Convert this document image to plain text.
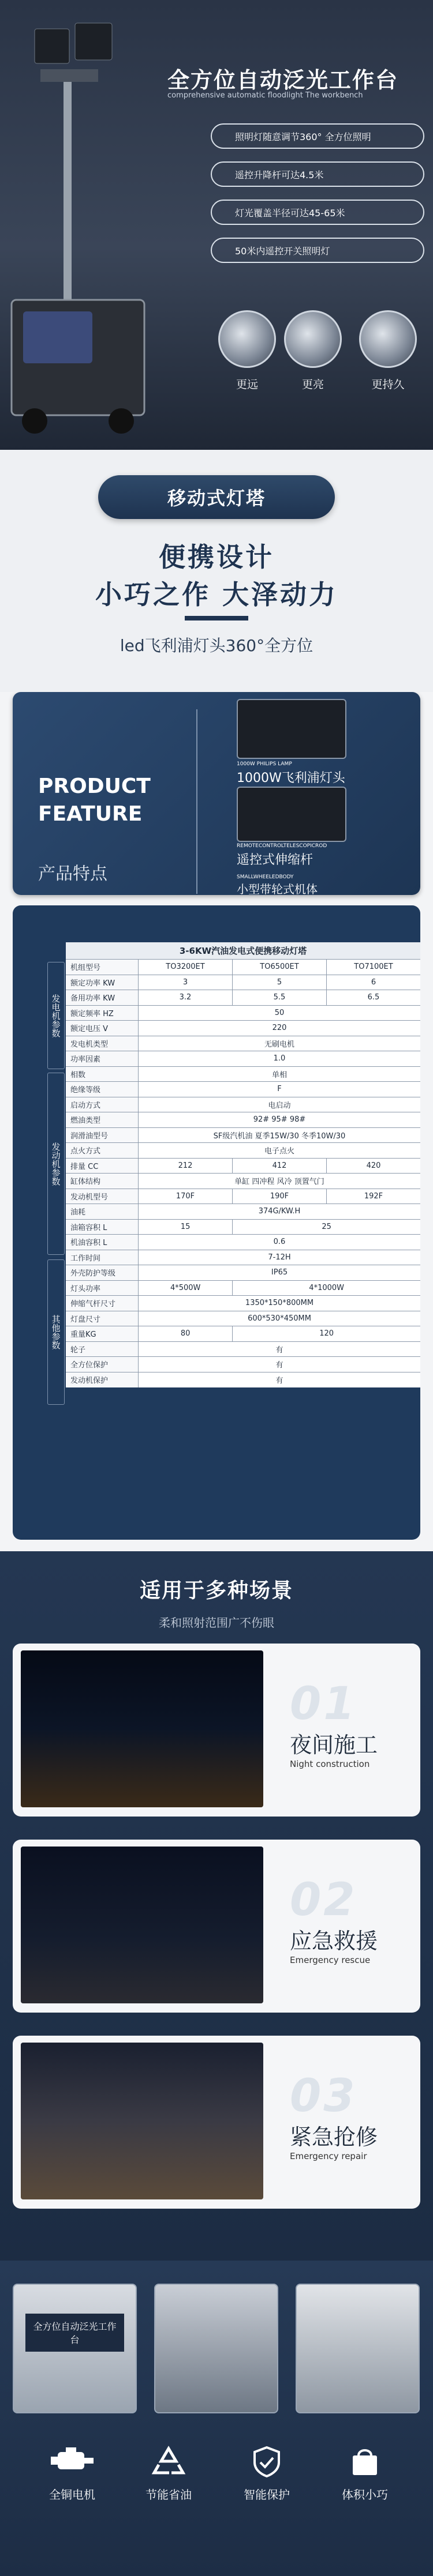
全方位自动泛光工作台
comprehensive automatic floodlight The workbench
照明灯随意调节360° 全方位照明
遥控升降杆可达4.5米
灯光覆盖半径可达45-65米
50米内遥控开关照明灯
更远	更亮	更持久
移动式灯塔
便携设计
小巧之作 大泽动力
led飞利浦灯头360°全方位
PRODUCT
FEATURE
产品特点
1000W PHILIPS LAMP
1000W飞利浦灯头
REMOTECONTROLTELESCOPICROD
遥控式伸缩杆
SMALLWHEELEDBODY
小型带轮式机体
发电机参数
发动机参数
其他参数
3-6KW汽油发电式便携移动灯塔
机组型号	TO3200ET	TO6500ET	TO7100ET
额定功率 KW	3	5	6
备用功率 KW	3.2	5.5	6.5
额定频率 HZ	50
额定电压 V	220
发电机类型	无刷电机
功率因素	1.0
相数	单相
绝缘等级	F
启动方式	电启动
燃油类型	92# 95# 98#
润滑油型号	SF级汽机油 夏季15W/30 冬季10W/30
点火方式	电子点火
排量 CC	212	412	420
缸体结构	单缸 四冲程 风冷 顶置气门
发动机型号	170F	190F	192F
油耗	374G/KW.H
油箱容积 L	15	25
机油容积 L	0.6
工作时间	7-12H
外壳防护等级	IP65
灯头功率	4*500W	4*1000W
伸缩气杆尺寸	1350*150*800MM
灯盘尺寸	600*530*450MM
重量KG	80	120
轮子	有
全方位保护	有
发动机保护	有
适用于多种场景
柔和照射范围广不伤眼
01
夜间施工
Night construction
02
应急救援
Emergency rescue
03
紧急抢修
Emergency repair
全方位自动泛光工作台
全铜电机	节能省油	智能保护	体积小巧
